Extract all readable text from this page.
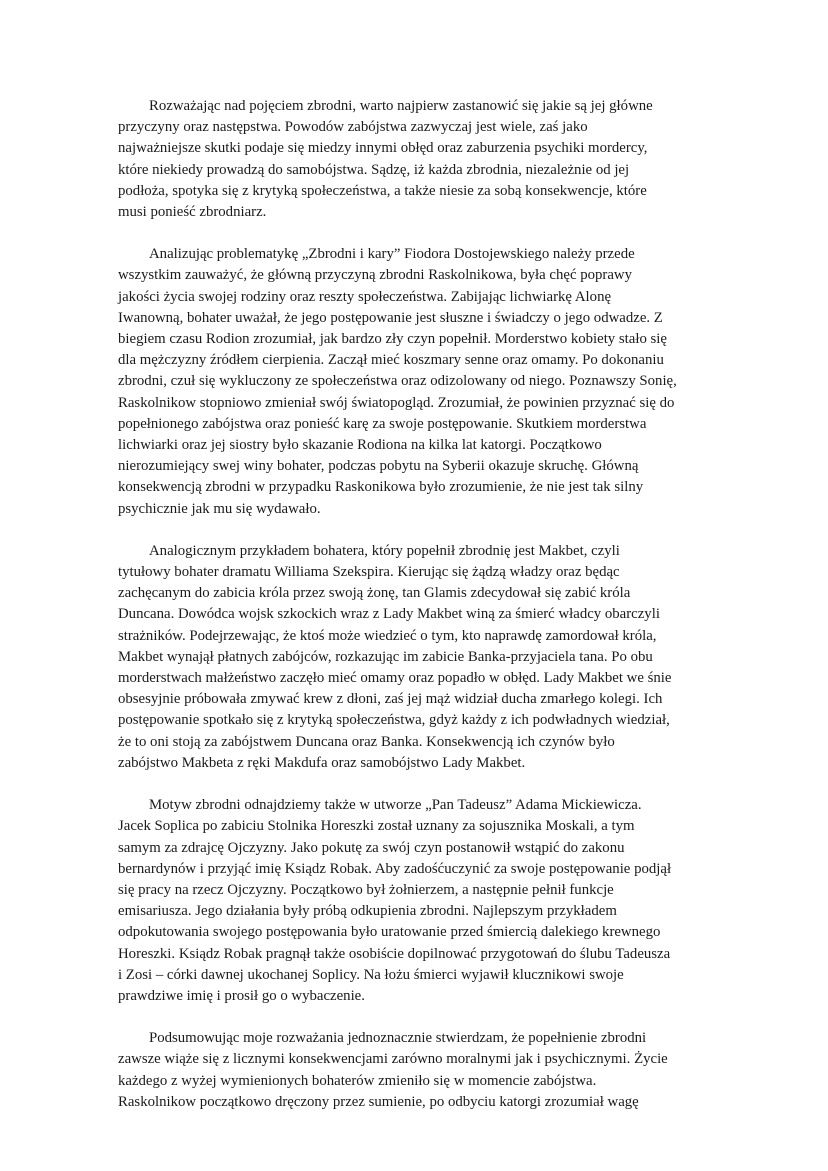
Rozważając nad pojęciem zbrodni, warto najpierw zastanowić się jakie są jej główne
przyczyny oraz następstwa. Powodów zabójstwa zazwyczaj jest wiele, zaś jako
najważniejsze skutki podaje się miedzy innymi obłęd oraz zaburzenia psychiki mordercy,
które niekiedy prowadzą do samobójstwa. Sądzę, iż każda zbrodnia, niezależnie od jej
podłoża, spotyka się z krytyką społeczeństwa, a także niesie za sobą konsekwencje, które
musi ponieść zbrodniarz.

Analizując problematykę „Zbrodni i kary” Fiodora Dostojewskiego należy przede
wszystkim zauważyć, że główną przyczyną zbrodni Raskolnikowa, była chęć poprawy
jakości życia swojej rodziny oraz reszty społeczeństwa. Zabijając lichwiarkę Alonę
Iwanowną, bohater uważał, że jego postępowanie jest słuszne i świadczy o jego odwadze. Z
biegiem czasu Rodion zrozumiał, jak bardzo zły czyn popełnił. Morderstwo kobiety stało się
dla mężczyzny źródłem cierpienia. Zaczął mieć koszmary senne oraz omamy. Po dokonaniu
zbrodni, czuł się wykluczony ze społeczeństwa oraz odizolowany od niego. Poznawszy Sonię,
Raskolnikow stopniowo zmieniał swój światopogląd. Zrozumiał, że powinien przyznać się do
popełnionego zabójstwa oraz ponieść karę za swoje postępowanie. Skutkiem morderstwa
lichwiarki oraz jej siostry było skazanie Rodiona na kilka lat katorgi. Początkowo
nierozumiejący swej winy bohater, podczas pobytu na Syberii okazuje skruchę. Główną
konsekwencją zbrodni w przypadku Raskonikowa było zrozumienie, że nie jest tak silny
psychicznie jak mu się wydawało.

Analogicznym przykładem bohatera, który popełnił zbrodnię jest Makbet, czyli
tytułowy bohater dramatu Williama Szekspira. Kierując się żądzą władzy oraz będąc
zachęcanym do zabicia króla przez swoją żonę, tan Glamis zdecydował się zabić króla
Duncana. Dowódca wojsk szkockich wraz z Lady Makbet winą za śmierć władcy obarczyli
strażników. Podejrzewając, że ktoś może wiedzieć o tym, kto naprawdę zamordował króla,
Makbet wynajął płatnych zabójców, rozkazując im zabicie Banka-przyjaciela tana. Po obu
morderstwach małżeństwo zaczęło mieć omamy oraz popadło w obłęd. Lady Makbet we śnie
obsesyjnie próbowała zmywać krew z dłoni, zaś jej mąż widział ducha zmarłego kolegi. Ich
postępowanie spotkało się z krytyką społeczeństwa, gdyż każdy z ich podwładnych wiedział,
że to oni stoją za zabójstwem Duncana oraz Banka. Konsekwencją ich czynów było
zabójstwo Makbeta z ręki Makdufa oraz samobójstwo Lady Makbet.

Motyw zbrodni odnajdziemy także w utworze „Pan Tadeusz” Adama Mickiewicza.
Jacek Soplica po zabiciu Stolnika Horeszki został uznany za sojusznika Moskali, a tym
samym za zdrajcę Ojczyzny. Jako pokutę za swój czyn postanowił wstąpić do zakonu
bernardynów i przyjąć imię Ksiądz Robak. Aby zadośćuczynić za swoje postępowanie podjął
się pracy na rzecz Ojczyzny. Początkowo był żołnierzem, a następnie pełnił funkcje
emisariusza. Jego działania były próbą odkupienia zbrodni. Najlepszym przykładem
odpokutowania swojego postępowania było uratowanie przed śmiercią dalekiego krewnego
Horeszki. Ksiądz Robak pragnął także osobiście dopilnować przygotowań do ślubu Tadeusza
i Zosi – córki dawnej ukochanej Soplicy. Na łożu śmierci wyjawił klucznikowi swoje
prawdziwe imię i prosił go o wybaczenie.

Podsumowując moje rozważania jednoznacznie stwierdzam, że popełnienie zbrodni
zawsze wiąże się z licznymi konsekwencjami zarówno moralnymi jak i psychicznymi. Życie
każdego z wyżej wymienionych bohaterów zmieniło się w momencie zabójstwa.
Raskolnikow początkowo dręczony przez sumienie, po odbyciu katorgi zrozumiał wagę
